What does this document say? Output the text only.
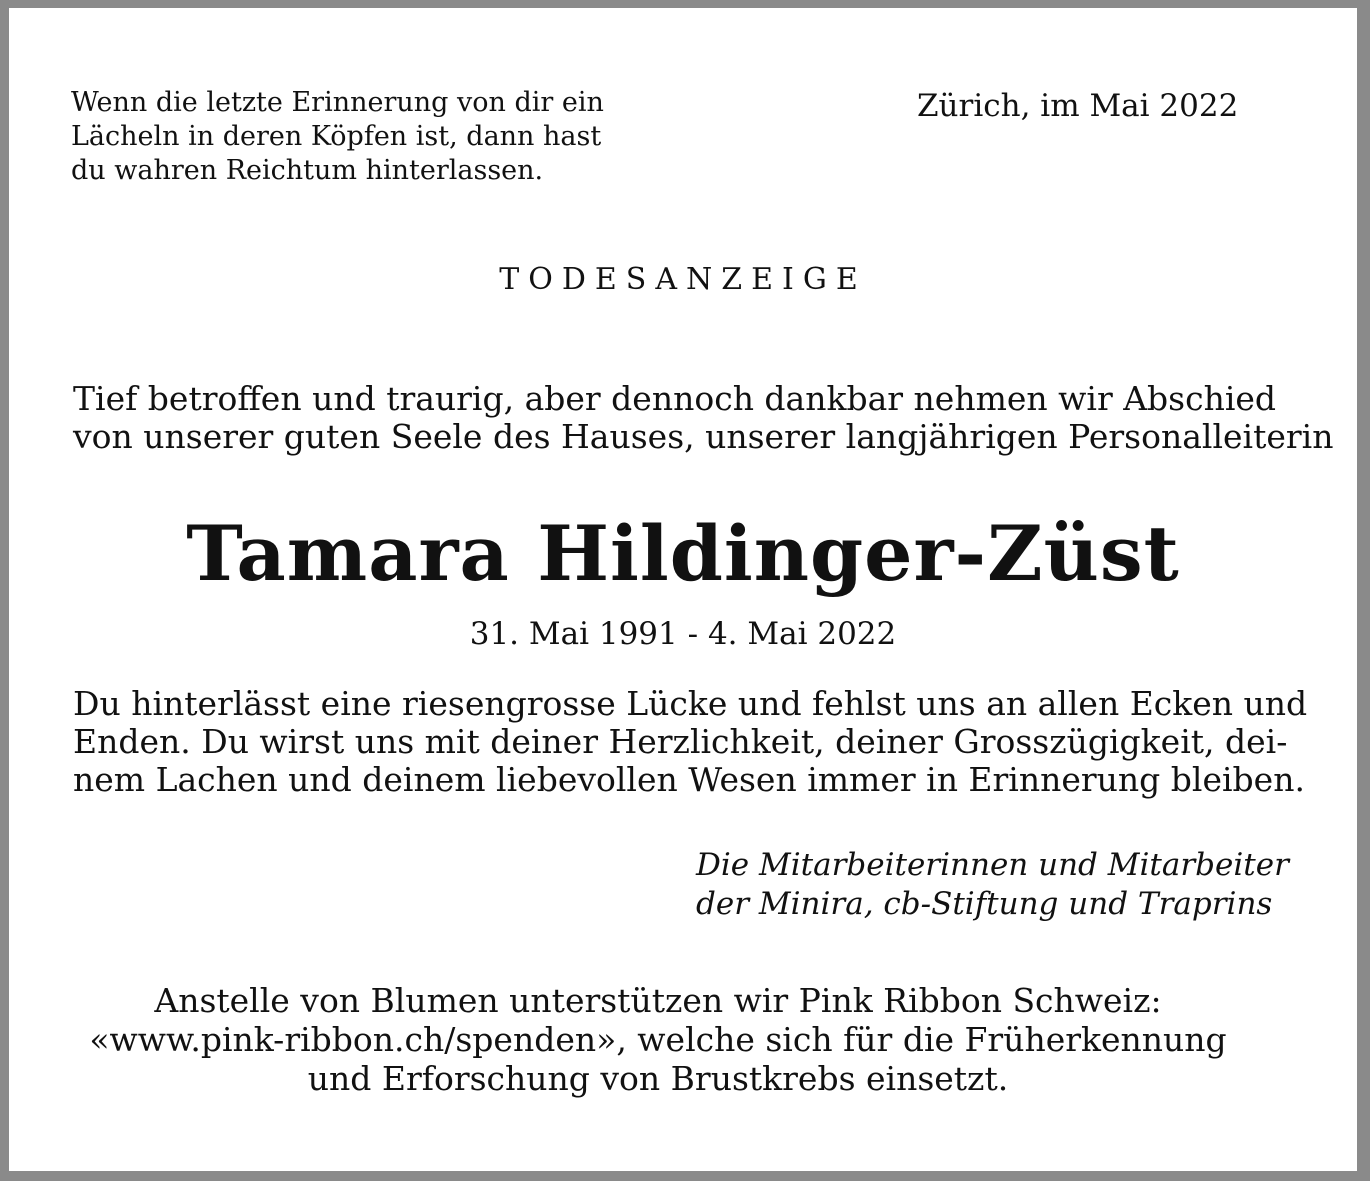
Wenn die letzte Erinnerung von dir ein
Lächeln in deren Köpfen ist, dann hast
du wahren Reichtum hinterlassen.
Zürich, im Mai 2022
TODESANZEIGE
Tief betroffen und traurig, aber dennoch dankbar nehmen wir Abschied
von unserer guten Seele des Hauses, unserer langjährigen Personalleiterin
Tamara Hildinger-Züst
31. Mai 1991 - 4. Mai 2022
Du hinterlässt eine riesengrosse Lücke und fehlst uns an allen Ecken und
Enden. Du wirst uns mit deiner Herzlichkeit, deiner Grosszügigkeit, dei-
nem Lachen und deinem liebevollen Wesen immer in Erinnerung bleiben.
Die Mitarbeiterinnen und Mitarbeiter
der Minira, cb-Stiftung und Traprins
Anstelle von Blumen unterstützen wir Pink Ribbon Schweiz:
«www.pink-ribbon.ch/spenden», welche sich für die Früherkennung
und Erforschung von Brustkrebs einsetzt.
